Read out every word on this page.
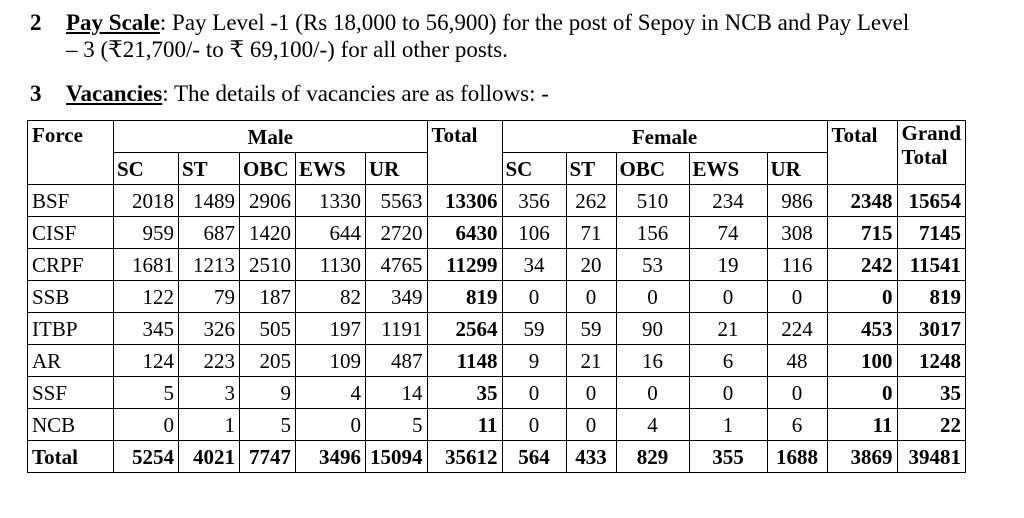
2 Pay Scale: Pay Level -1 (Rs 18,000 to 56,900) for the post of Sepoy in NCB and Pay Level
– 3 (₹21,700/- to ₹ 69,100/-) for all other posts.
3 Vacancies: The details of vacancies are as follows: -
Force	Male					Total	Female					Total	Grand Total
	SC	ST	OBC	EWS	UR		SC	ST	OBC	EWS	UR		
BSF	2018	1489	2906	1330	5563	13306	356	262	510	234	986	2348	15654
CISF	959	687	1420	644	2720	6430	106	71	156	74	308	715	7145
CRPF	1681	1213	2510	1130	4765	11299	34	20	53	19	116	242	11541
SSB	122	79	187	82	349	819	0	0	0	0	0	0	819
ITBP	345	326	505	197	1191	2564	59	59	90	21	224	453	3017
AR	124	223	205	109	487	1148	9	21	16	6	48	100	1248
SSF	5	3	9	4	14	35	0	0	0	0	0	0	35
NCB	0	1	5	0	5	11	0	0	4	1	6	11	22
Total	5254	4021	7747	3496	15094	35612	564	433	829	355	1688	3869	39481
